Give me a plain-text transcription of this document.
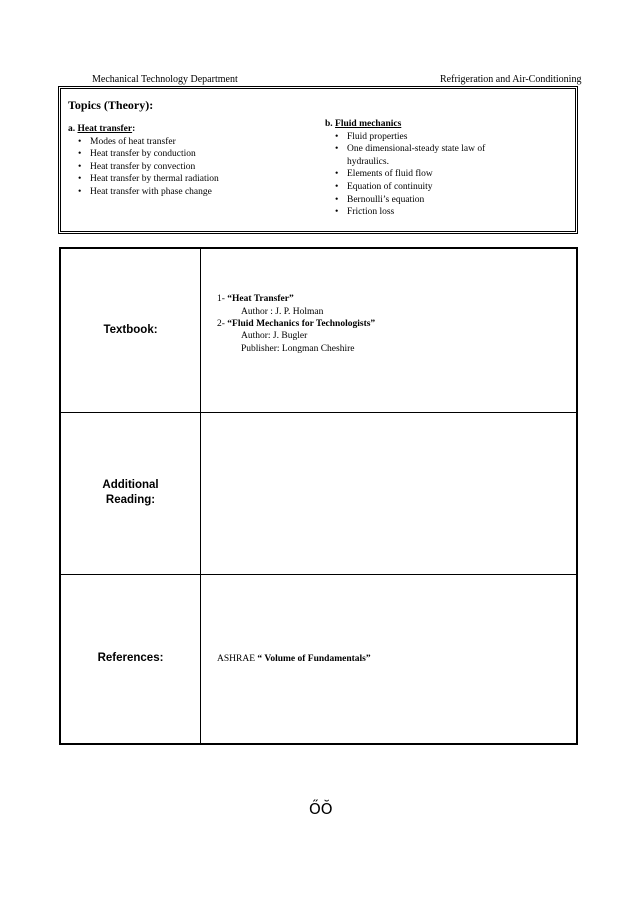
Mechanical Technology Department	Refrigeration and Air-Conditioning
Topics (Theory):
a. Heat transfer:
• Modes of heat transfer
• Heat transfer by conduction
• Heat transfer by convection
• Heat transfer by thermal radiation
• Heat transfer with phase change
b. Fluid mechanics
• Fluid properties
• One dimensional-steady state law of
hydraulics.
• Elements of fluid flow
• Equation of continuity
• Bernoulli’s equation
• Friction loss
Textbook:	1- “Heat Transfer”
Author : J. P. Holman
2- “Fluid Mechanics for Technologists”
Author: J. Bugler
Publisher: Longman Cheshire

Additional
Reading:	

References:	ASHRAE “ Volume of Fundamentals”
ŐŎ
